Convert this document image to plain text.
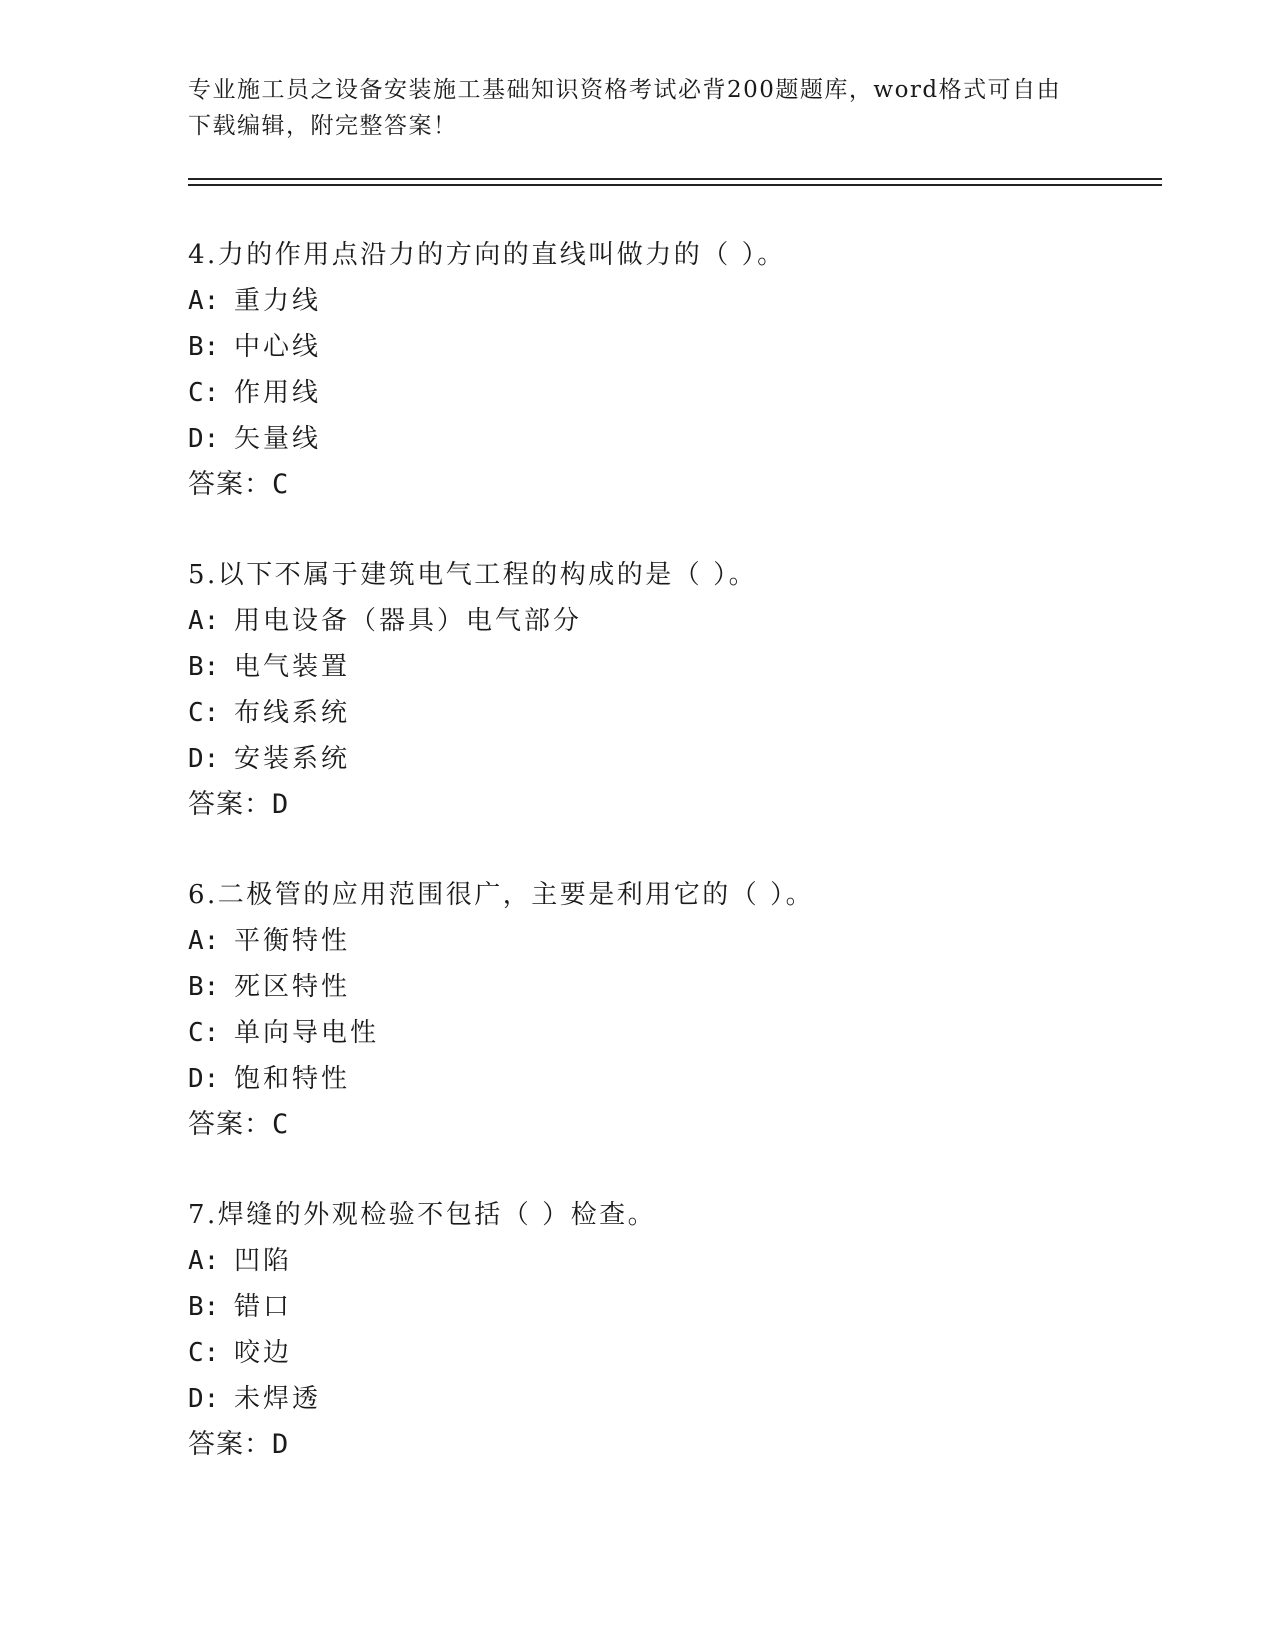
专业施工员之设备安装施工基础知识资格考试必背200题题库，word格式可自由
下载编辑，附完整答案！
4.力的作用点沿力的方向的直线叫做力的（ ）。
A: 重力线
B: 中心线
C: 作用线
D: 矢量线
答案：C
5.以下不属于建筑电气工程的构成的是（ ）。
A: 用电设备（器具）电气部分
B: 电气装置
C: 布线系统
D: 安装系统
答案：D
6.二极管的应用范围很广，主要是利用它的（ ）。
A: 平衡特性
B: 死区特性
C: 单向导电性
D: 饱和特性
答案：C
7.焊缝的外观检验不包括（ ）检查。
A: 凹陷
B: 错口
C: 咬边
D: 未焊透
答案：D
